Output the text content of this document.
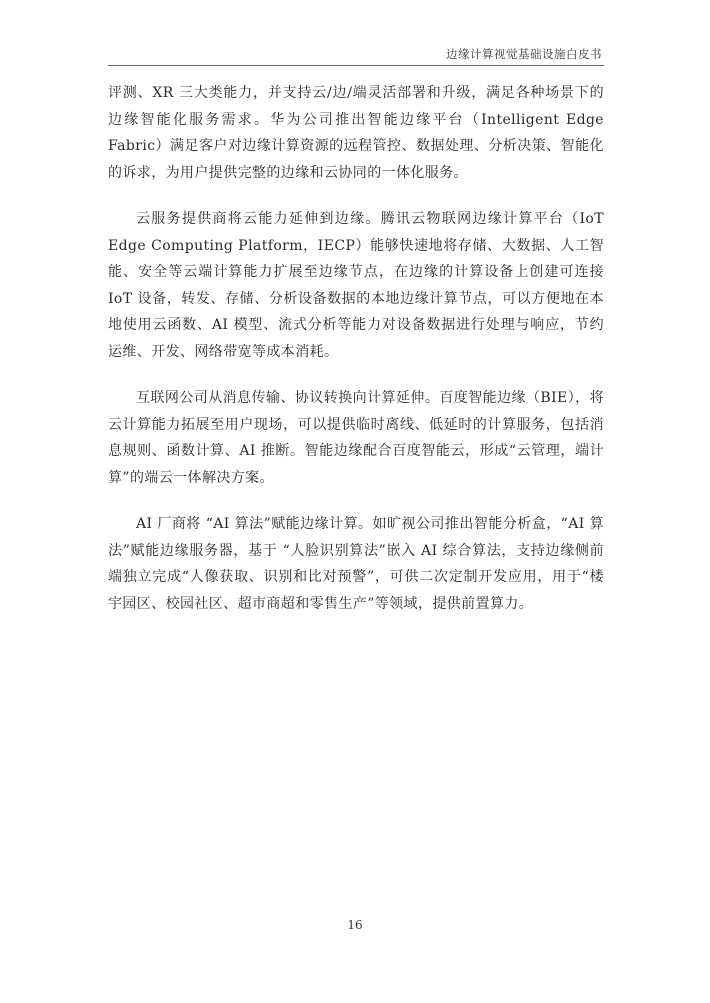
边缘计算视觉基础设施白皮书

评测、XR 三大类能力，并支持云/边/端灵活部署和升级，满足各种场景下的边缘智能化服务需求。华为公司推出智能边缘平台（Intelligent Edge Fabric）满足客户对边缘计算资源的远程管控、数据处理、分析决策、智能化的诉求，为用户提供完整的边缘和云协同的一体化服务。

云服务提供商将云能力延伸到边缘。腾讯云物联网边缘计算平台（IoT Edge Computing Platform，IECP）能够快速地将存储、大数据、人工智能、安全等云端计算能力扩展至边缘节点，在边缘的计算设备上创建可连接 IoT 设备，转发、存储、分析设备数据的本地边缘计算节点，可以方便地在本地使用云函数、AI 模型、流式分析等能力对设备数据进行处理与响应，节约运维、开发、网络带宽等成本消耗。

互联网公司从消息传输、协议转换向计算延伸。百度智能边缘（BIE），将云计算能力拓展至用户现场，可以提供临时离线、低延时的计算服务，包括消息规则、函数计算、AI 推断。智能边缘配合百度智能云，形成“云管理，端计算”的端云一体解决方案。

AI 厂商将 “AI 算法”赋能边缘计算。如旷视公司推出智能分析盒，“AI 算法”赋能边缘服务器，基于 “人脸识别算法”嵌入 AI 综合算法，支持边缘侧前端独立完成“人像获取、识别和比对预警”，可供二次定制开发应用，用于“楼宇园区、校园社区、超市商超和零售生产”等领域，提供前置算力。

16
